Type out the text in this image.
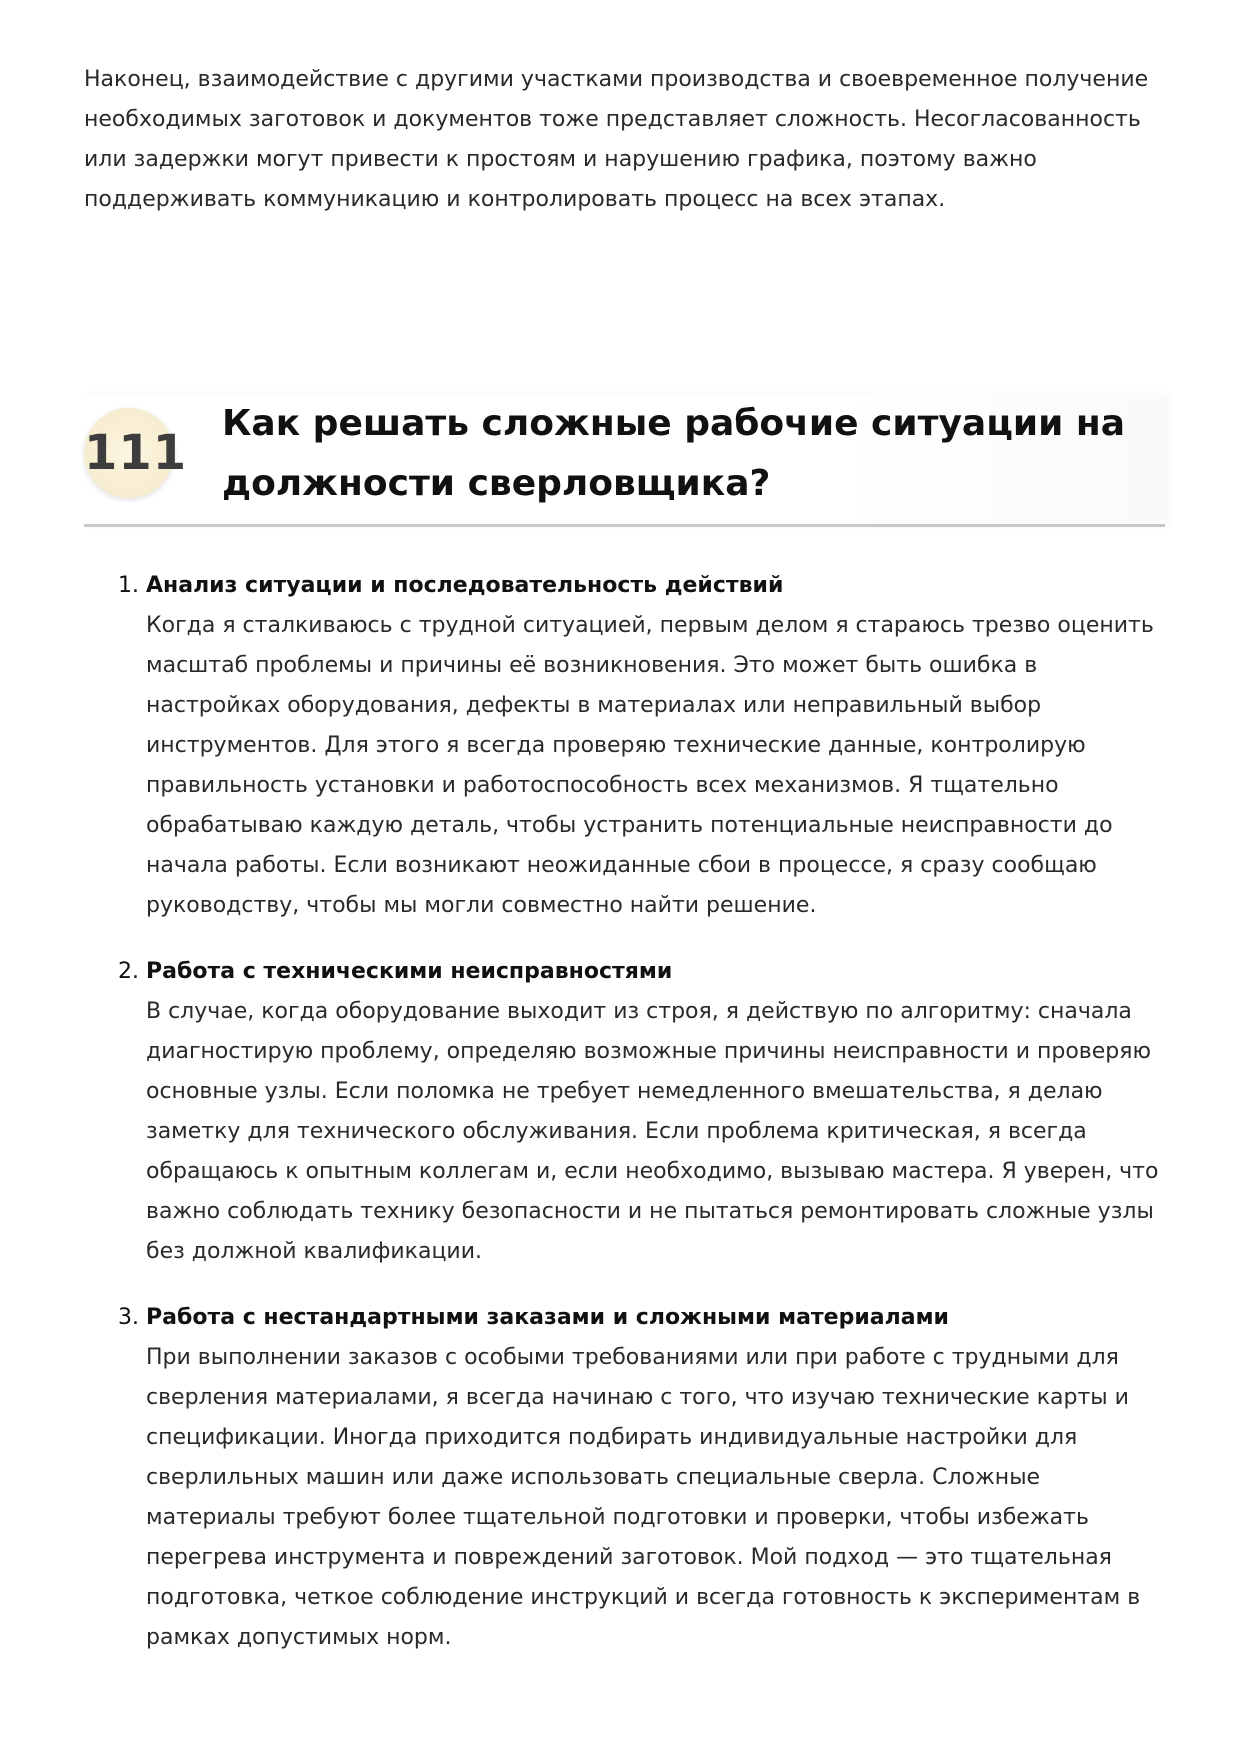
Наконец, взаимодействие с другими участками производства и своевременное получение необходимых заготовок и документов тоже представляет сложность. Несогласованность или задержки могут привести к простоям и нарушению графика, поэтому важно поддерживать коммуникацию и контролировать процесс на всех этапах.

111
Как решать сложные рабочие ситуации на должности сверловщика?
1. Анализ ситуации и последовательность действий
Когда я сталкиваюсь с трудной ситуацией, первым делом я стараюсь трезво оценить масштаб проблемы и причины её возникновения. Это может быть ошибка в настройках оборудования, дефекты в материалах или неправильный выбор инструментов. Для этого я всегда проверяю технические данные, контролирую правильность установки и работоспособность всех механизмов. Я тщательно обрабатываю каждую деталь, чтобы устранить потенциальные неисправности до начала работы. Если возникают неожиданные сбои в процессе, я сразу сообщаю руководству, чтобы мы могли совместно найти решение.
2. Работа с техническими неисправностями
В случае, когда оборудование выходит из строя, я действую по алгоритму: сначала диагностирую проблему, определяю возможные причины неисправности и проверяю основные узлы. Если поломка не требует немедленного вмешательства, я делаю заметку для технического обслуживания. Если проблема критическая, я всегда обращаюсь к опытным коллегам и, если необходимо, вызываю мастера. Я уверен, что важно соблюдать технику безопасности и не пытаться ремонтировать сложные узлы без должной квалификации.
3. Работа с нестандартными заказами и сложными материалами
При выполнении заказов с особыми требованиями или при работе с трудными для сверления материалами, я всегда начинаю с того, что изучаю технические карты и спецификации. Иногда приходится подбирать индивидуальные настройки для сверлильных машин или даже использовать специальные сверла. Сложные материалы требуют более тщательной подготовки и проверки, чтобы избежать перегрева инструмента и повреждений заготовок. Мой подход — это тщательная подготовка, четкое соблюдение инструкций и всегда готовность к экспериментам в рамках допустимых норм.
